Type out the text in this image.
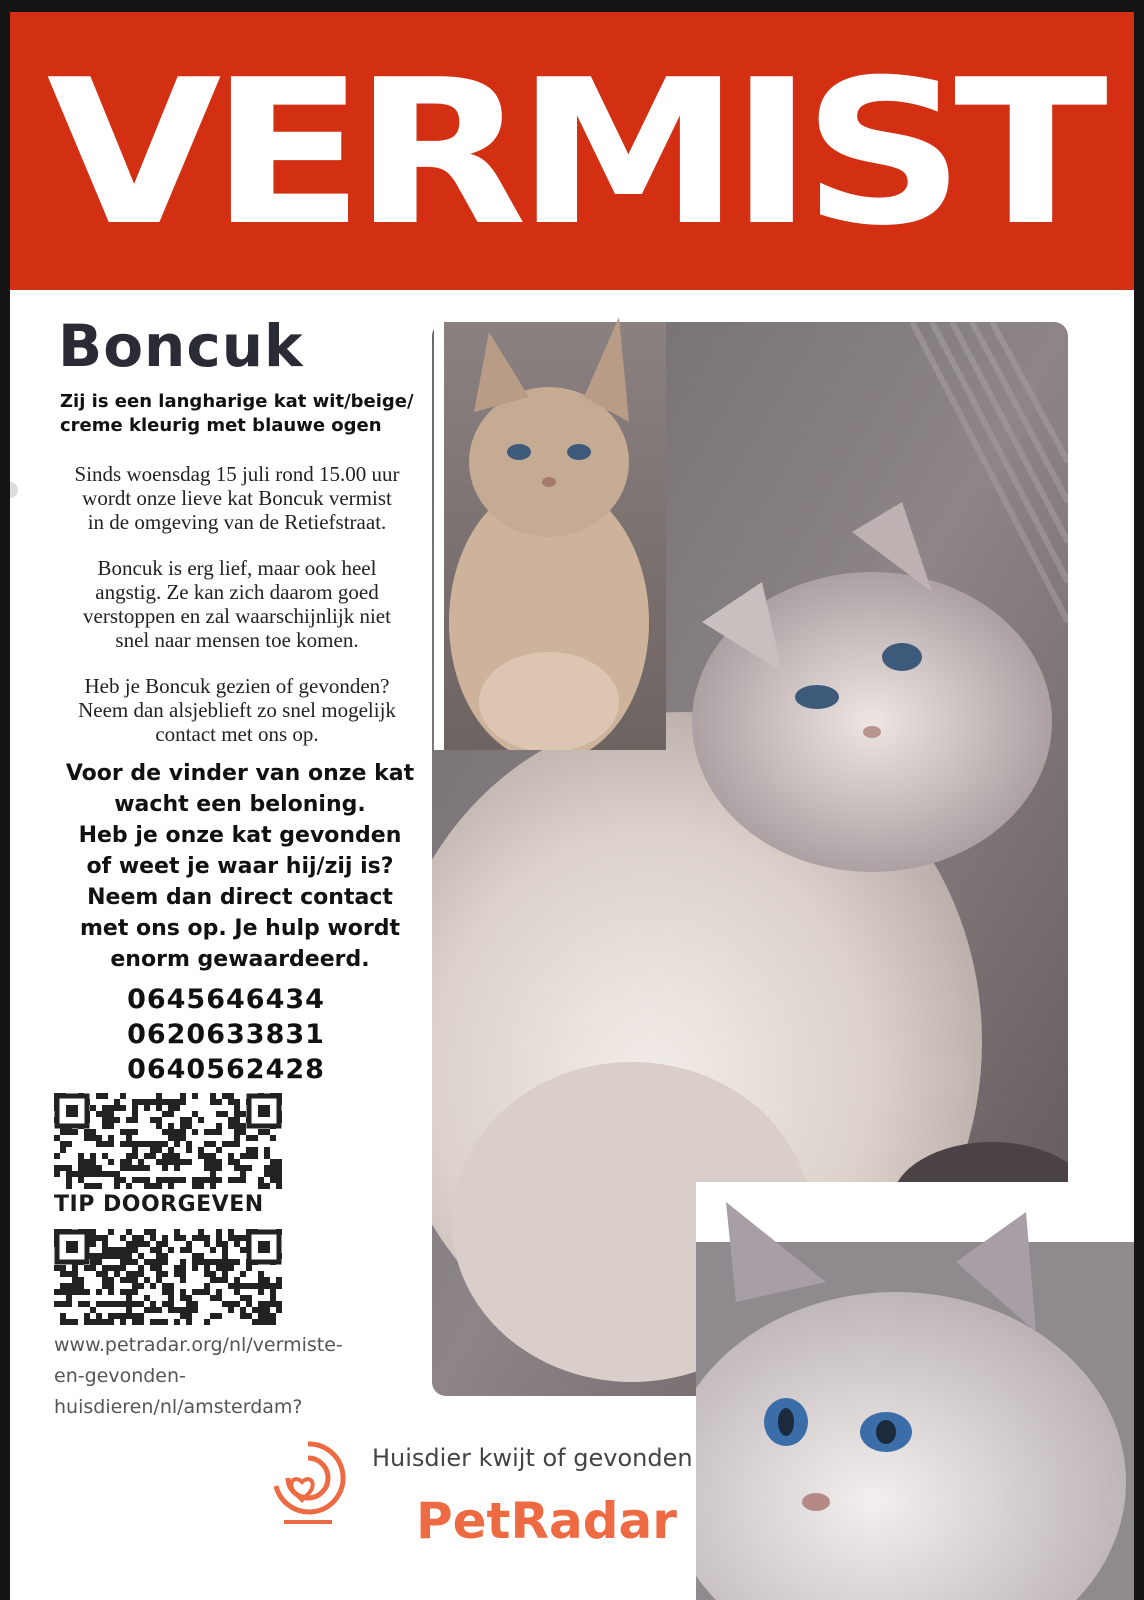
VERMIST
Boncuk
Zij is een langharige kat wit/beige/
creme kleurig met blauwe ogen

Sinds woensdag 15 juli rond 15.00 uur
wordt onze lieve kat Boncuk vermist
in de omgeving van de Retiefstraat.

Boncuk is erg lief, maar ook heel
angstig. Ze kan zich daarom goed
verstoppen en zal waarschijnlijk niet
snel naar mensen toe komen.

Heb je Boncuk gezien of gevonden?
Neem dan alsjeblieft zo snel mogelijk
contact met ons op.

Voor de vinder van onze kat
wacht een beloning.
Heb je onze kat gevonden
of weet je waar hij/zij is?
Neem dan direct contact
met ons op. Je hulp wordt
enorm gewaardeerd.
0645646434
0620633831
0640562428
TIP DOORGEVEN
www.petradar.org/nl/vermiste-
en-gevonden-
huisdieren/nl/amsterdam?
Huisdier kwijt of gevonden
PetRadar
